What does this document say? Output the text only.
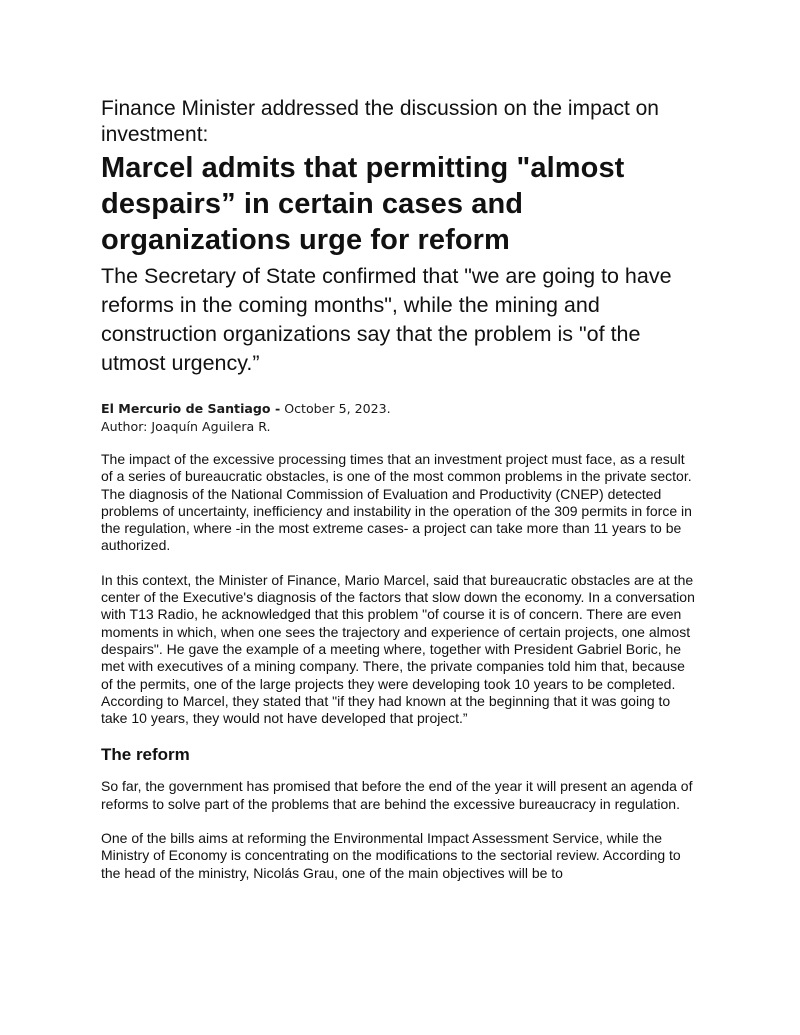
Finance Minister addressed the discussion on the impact on investment:

Marcel admits that permitting "almost despairs” in certain cases and organizations urge for reform

The Secretary of State confirmed that "we are going to have reforms in the coming months", while the mining and construction organizations say that the problem is "of the utmost urgency.”

El Mercurio de Santiago - October 5, 2023.
Author: Joaquín Aguilera R.

The impact of the excessive processing times that an investment project must face, as a result of a series of bureaucratic obstacles, is one of the most common problems in the private sector. The diagnosis of the National Commission of Evaluation and Productivity (CNEP) detected problems of uncertainty, inefficiency and instability in the operation of the 309 permits in force in the regulation, where -in the most extreme cases- a project can take more than 11 years to be authorized.

In this context, the Minister of Finance, Mario Marcel, said that bureaucratic obstacles are at the center of the Executive's diagnosis of the factors that slow down the economy. In a conversation with T13 Radio, he acknowledged that this problem "of course it is of concern. There are even moments in which, when one sees the trajectory and experience of certain projects, one almost despairs". He gave the example of a meeting where, together with President Gabriel Boric, he met with executives of a mining company. There, the private companies told him that, because of the permits, one of the large projects they were developing took 10 years to be completed. According to Marcel, they stated that "if they had known at the beginning that it was going to take 10 years, they would not have developed that project.”

The reform

So far, the government has promised that before the end of the year it will present an agenda of reforms to solve part of the problems that are behind the excessive bureaucracy in regulation.

One of the bills aims at reforming the Environmental Impact Assessment Service, while the Ministry of Economy is concentrating on the modifications to the sectorial review. According to the head of the ministry, Nicolás Grau, one of the main objectives will be to
